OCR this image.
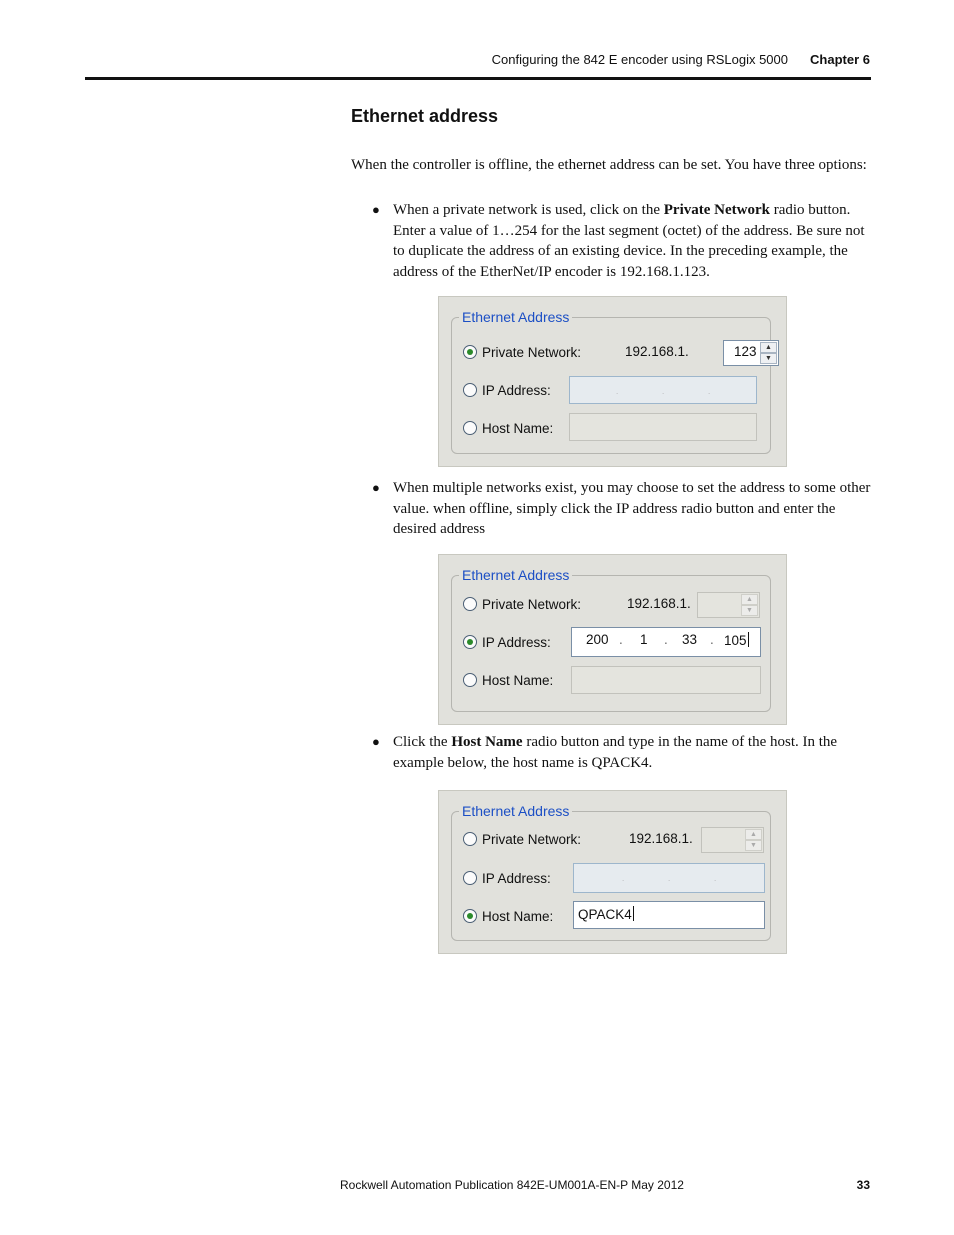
Configuring the 842 E encoder using RSLogix 5000 Chapter 6
Ethernet address

When the controller is offline, the ethernet address can be set. You have three options:

● When a private network is used, click on the Private Network radio button. Enter a value of 1…254 for the last segment (octet) of the address. Be sure not to duplicate the address of an existing device. In the preceding example, the address of the EtherNet/IP encoder is 192.168.1.123.

Ethernet Address
Private Network:	192.168.1.	123	▲
▼
IP Address:	.	.	.
Host Name:

● When multiple networks exist, you may choose to set the address to some other value. when offline, simply click the IP address radio button and enter the desired address

Ethernet Address
Private Network:	192.168.1.	▲
▼
IP Address:	200 . 1 . 33 . 105
Host Name:

● Click the Host Name radio button and type in the name of the host. In the example below, the host name is QPACK4.

Ethernet Address
Private Network:	192.168.1.	▲
▼
IP Address:	.	.	.
Host Name: QPACK4
Rockwell Automation Publication 842E-UM001A-EN-P May 2012	33
